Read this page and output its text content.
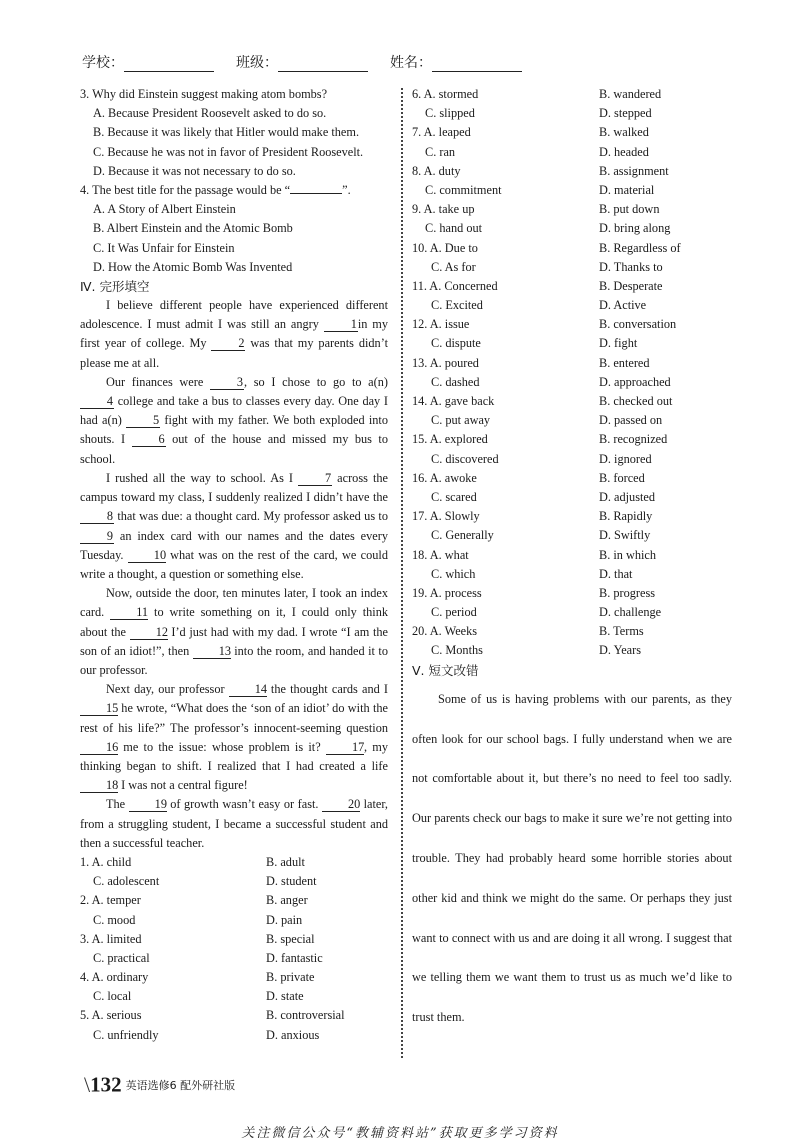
学校：	班级：	姓名：
3. Why did Einstein suggest making atom bombs?
A. Because President Roosevelt asked to do so.
B. Because it was likely that Hitler would make them.
C. Because he was not in favor of President Roosevelt.
D. Because it was not necessary to do so.
4. The best title for the passage would be “	”.
A. A Story of Albert Einstein
B. Albert Einstein and the Atomic Bomb
C. It Was Unfair for Einstein
D. How the Atomic Bomb Was Invented
Ⅳ. 完形填空

I believe different people have experienced different adolescence. I must admit I was still an angry 1in my first year of college. My 2 was that my parents didn’t please me at all.

Our finances were 3, so I chose to go to a(n) 4 college and take a bus to classes every day. One day I had a(n) 5 fight with my father. We both exploded into shouts. I 6 out of the house and missed my bus to school.

I rushed all the way to school. As I 7 across the campus toward my class, I suddenly realized I didn’t have the 8 that was due: a thought card. My professor asked us to 9 an index card with our names and the dates every Tuesday. 10 what was on the rest of the card, we could write a thought, a question or something else.

Now, outside the door, ten minutes later, I took an index card. 11 to write something on it, I could only think about the 12 I’d just had with my dad. I wrote “I am the son of an idiot!”, then 13 into the room, and handed it to our professor.

Next day, our professor 14 the thought cards and I 15 he wrote, “What does the ‘son of an idiot’ do with the rest of his life?” The professor’s innocent-seeming question 16 me to the issue: whose problem is it? 17, my thinking began to shift. I realized that I had created a life 18 I was not a central figure!

The 19 of growth wasn’t easy or fast. 20 later, from a struggling student, I became a successful student and then a successful teacher.

1. A. child	B. adult
C. adolescent	D. student
2. A. temper	B. anger
C. mood	D. pain
3. A. limited	B. special
C. practical	D. fantastic
4. A. ordinary	B. private
C. local	D. state
5. A. serious	B. controversial
C. unfriendly	D. anxious
6. A. stormed	B. wandered
C. slipped	D. stepped
7. A. leaped	B. walked
C. ran	D. headed
8. A. duty	B. assignment
C. commitment	D. material
9. A. take up	B. put down
C. hand out	D. bring along
10. A. Due to	B. Regardless of
C. As for	D. Thanks to
11. A. Concerned	B. Desperate
C. Excited	D. Active
12. A. issue	B. conversation
C. dispute	D. fight
13. A. poured	B. entered
C. dashed	D. approached
14. A. gave back	B. checked out
C. put away	D. passed on
15. A. explored	B. recognized
C. discovered	D. ignored
16. A. awoke	B. forced
C. scared	D. adjusted
17. A. Slowly	B. Rapidly
C. Generally	D. Swiftly
18. A. what	B. in which
C. which	D. that
19. A. process	B. progress
C. period	D. challenge
20. A. Weeks	B. Terms
C. Months	D. Years
Ⅴ. 短文改错

Some of us is having problems with our parents, as they often look for our school bags. I fully understand when we are not comfortable about it, but there’s no need to feel too sadly. Our parents check our bags to make it sure we’re not getting into trouble. They had probably heard some horrible stories about other kid and think we might do the same. Or perhaps they just want to connect with us and are doing it all wrong. I suggest that we telling them we want them to trust us as much we’d like to trust them.

\132 英语选修6 配外研社版
关注微信公众号“教辅资料站”获取更多学习资料
